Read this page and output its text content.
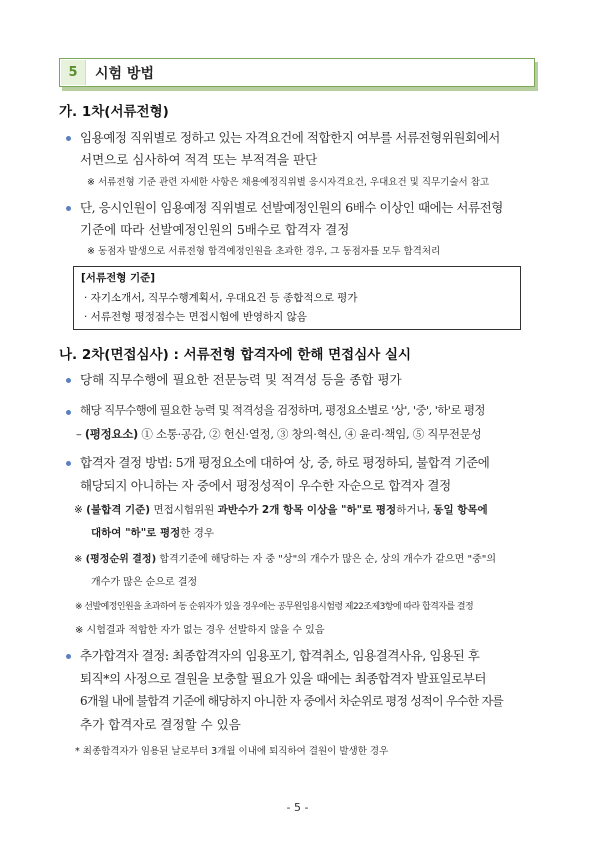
5	시험 방법
가. 1차(서류전형)
임용예정 직위별로 정하고 있는 자격요건에 적합한지 여부를 서류전형위원회에서
서면으로 심사하여 적격 또는 부적격을 판단
※ 서류전형 기준 관련 자세한 사항은 채용예정직위별 응시자격요건, 우대요건 및 직무기술서 참고
단, 응시인원이 임용예정 직위별로 선발예정인원의 6배수 이상인 때에는 서류전형
기준에 따라 선발예정인원의 5배수로 합격자 결정
※ 동점자 발생으로 서류전형 합격예정인원을 초과한 경우, 그 동점자를 모두 합격처리
[서류전형 기준]
· 자기소개서, 직무수행계획서, 우대요건 등 종합적으로 평가
· 서류전형 평정점수는 면접시험에 반영하지 않음
나. 2차(면접심사) : 서류전형 합격자에 한해 면접심사 실시
당해 직무수행에 필요한 전문능력 및 적격성 등을 종합 평가
해당 직무수행에 필요한 능력 및 적격성을 검정하며, 평정요소별로 '상', '중', '하'로 평정
– (평정요소) ① 소통·공감, ② 헌신·열정, ③ 창의·혁신, ④ 윤리·책임, ⑤ 직무전문성
합격자 결정 방법: 5개 평정요소에 대하여 상, 중, 하로 평정하되, 불합격 기준에
해당되지 아니하는 자 중에서 평정성적이 우수한 자순으로 합격자 결정
※ (불합격 기준) 면접시험위원 과반수가 2개 항목 이상을 "하"로 평정하거나, 동일 항목에
대하여 "하"로 평정한 경우
※ (평정순위 결정) 합격기준에 해당하는 자 중 "상"의 개수가 많은 순, 상의 개수가 같으면 "중"의
개수가 많은 순으로 결정
※ 선발예정인원을 초과하여 동 순위자가 있을 경우에는 공무원임용시험령 제22조제3항에 따라 합격자를 결정
※ 시험결과 적합한 자가 없는 경우 선발하지 않을 수 있음
추가합격자 결정: 최종합격자의 임용포기, 합격취소, 임용결격사유, 임용된 후
퇴직*의 사정으로 결원을 보충할 필요가 있을 때에는 최종합격자 발표일로부터
6개월 내에 불합격 기준에 해당하지 아니한 자 중에서 차순위로 평정 성적이 우수한 자를
추가 합격자로 결정할 수 있음
* 최종합격자가 임용된 날로부터 3개월 이내에 퇴직하여 결원이 발생한 경우
- 5 -
